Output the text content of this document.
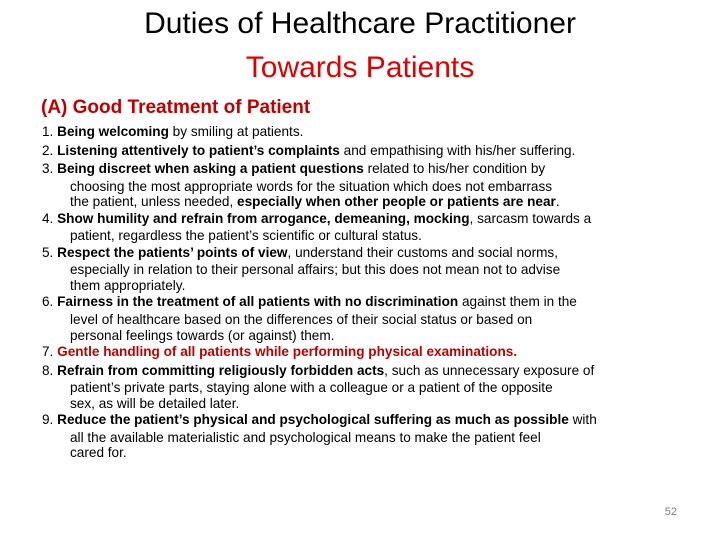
Duties of Healthcare Practitioner
Towards Patients
(A) Good Treatment of Patient
1. Being welcoming by smiling at patients.
2. Listening attentively to patient’s complaints and empathising with his/her suffering.
3. Being discreet when asking a patient questions related to his/her condition by
choosing the most appropriate words for the situation which does not embarrass
the patient, unless needed, especially when other people or patients are near.
4. Show humility and refrain from arrogance, demeaning, mocking, sarcasm towards a
patient, regardless the patient’s scientific or cultural status.
5. Respect the patients’ points of view, understand their customs and social norms,
especially in relation to their personal affairs; but this does not mean not to advise
them appropriately.
6. Fairness in the treatment of all patients with no discrimination against them in the
level of healthcare based on the differences of their social status or based on
personal feelings towards (or against) them.
7. Gentle handling of all patients while performing physical examinations.
8. Refrain from committing religiously forbidden acts, such as unnecessary exposure of
patient’s private parts, staying alone with a colleague or a patient of the opposite
sex, as will be detailed later.
9. Reduce the patient’s physical and psychological suffering as much as possible with
all the available materialistic and psychological means to make the patient feel
cared for.
52
